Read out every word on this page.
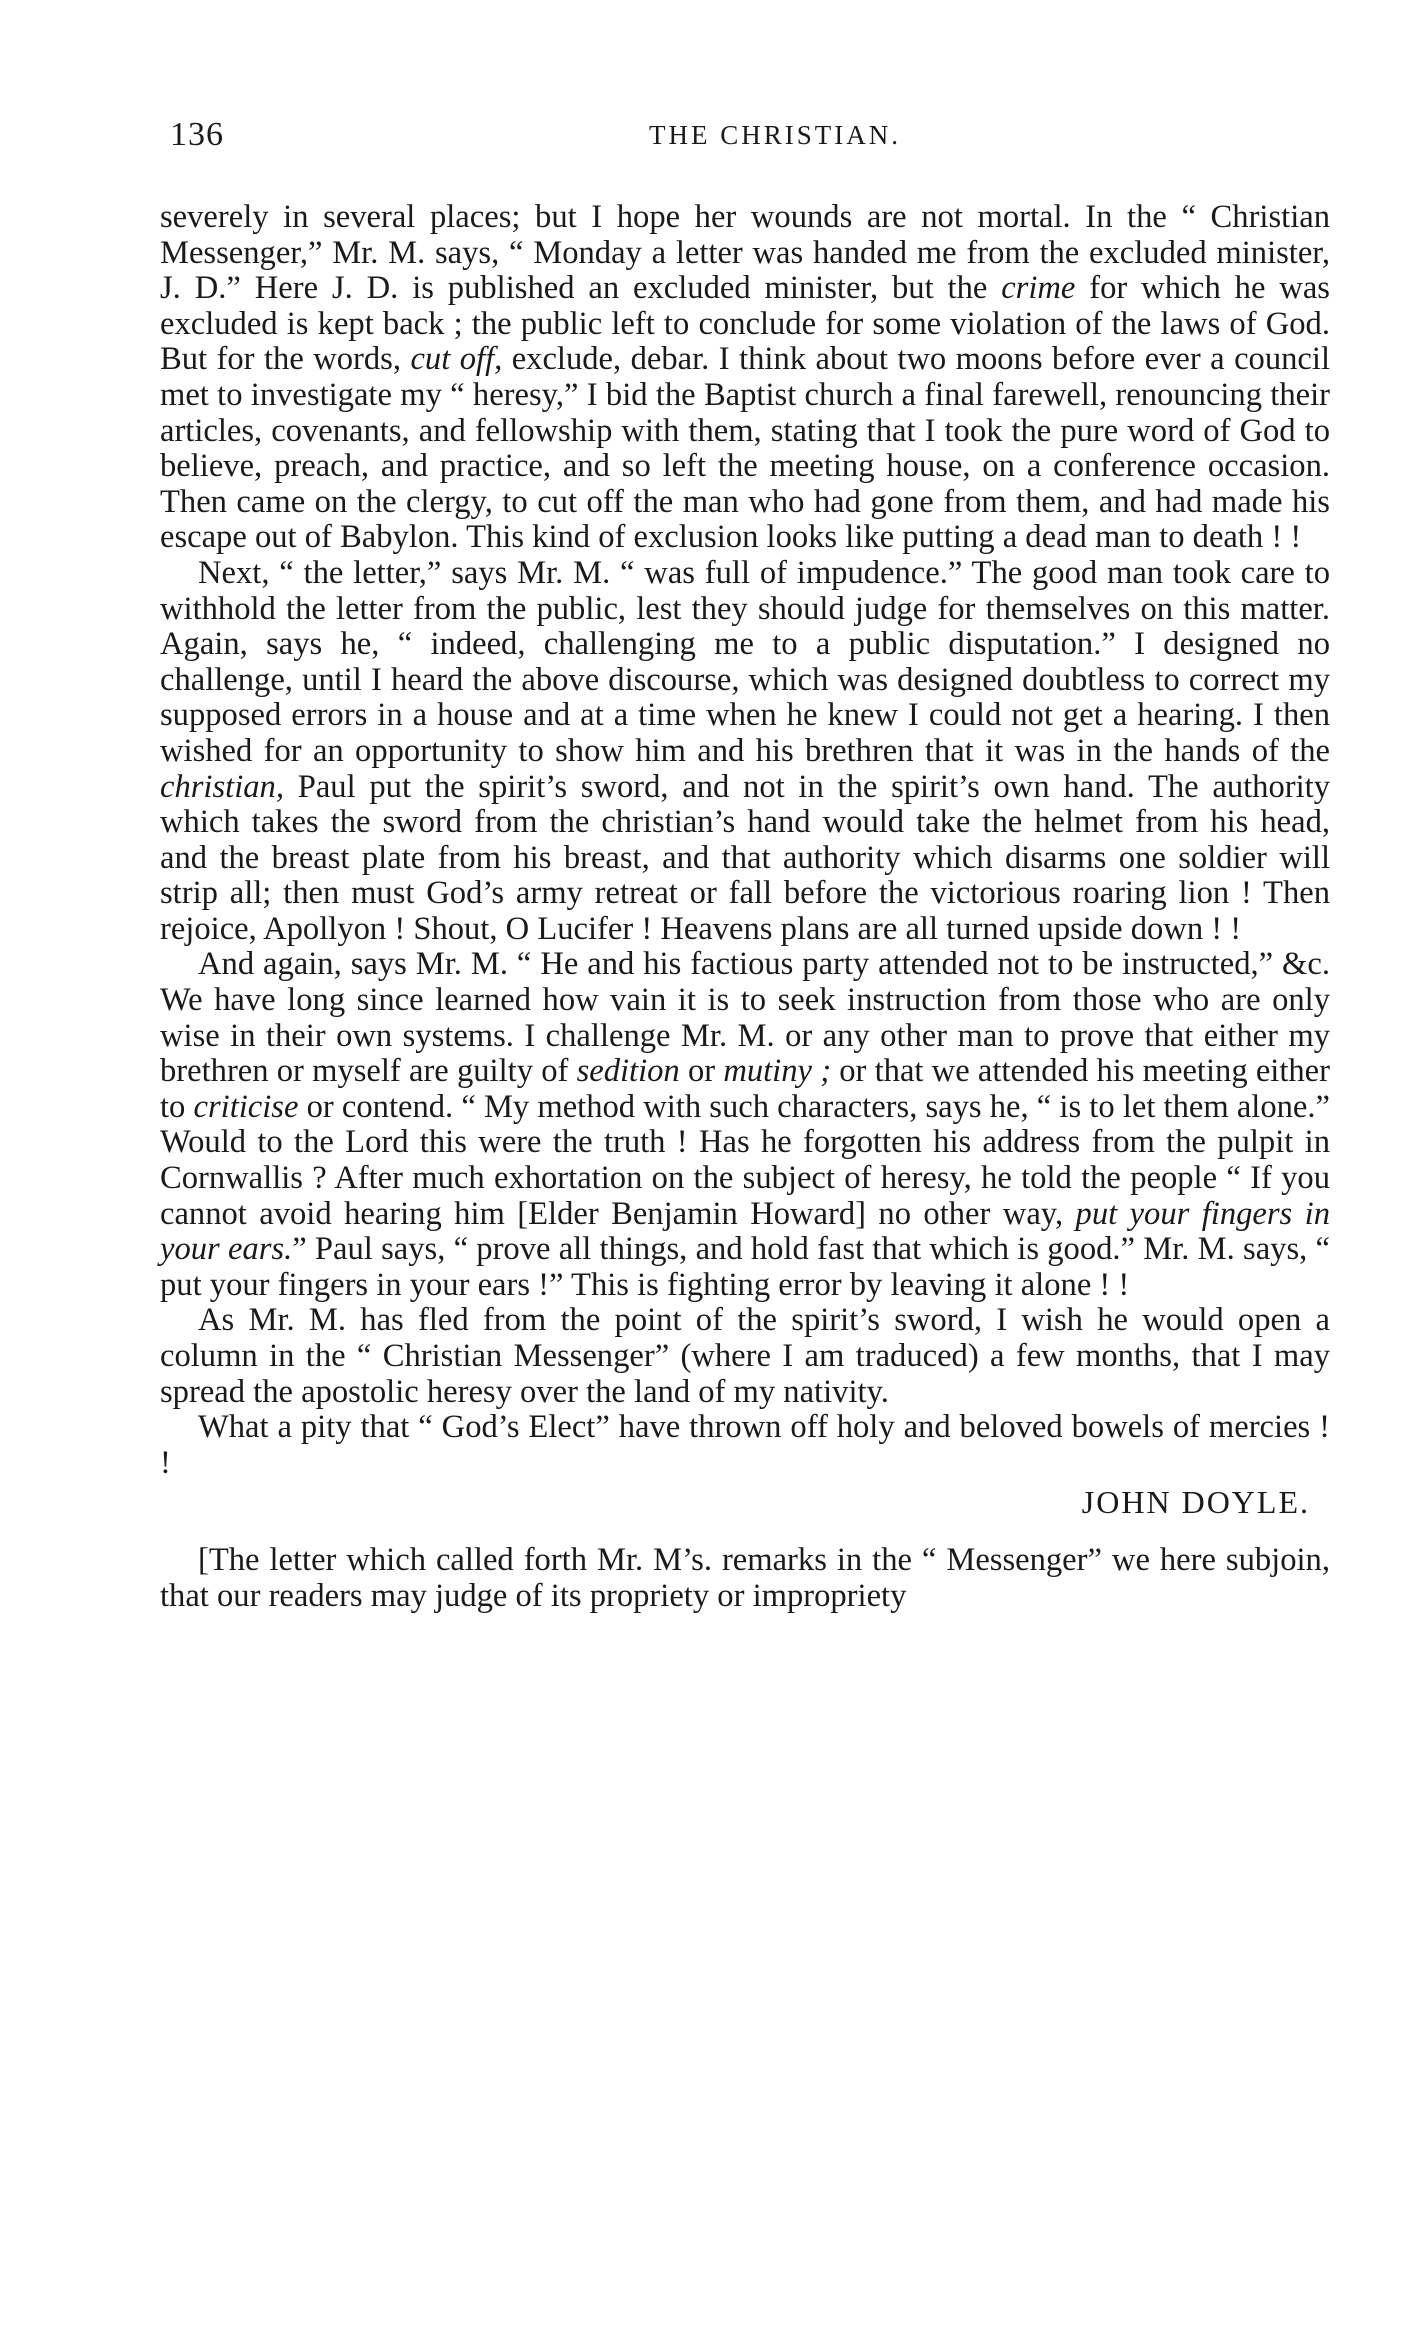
136	THE CHRISTIAN.

severely in several places; but I hope her wounds are not mortal. In the “ Christian Messenger,” Mr. M. says, “ Monday a letter was handed me from the excluded minister, J. D.” Here J. D. is published an excluded minister, but the crime for which he was excluded is kept back ; the public left to conclude for some violation of the laws of God. But for the words, cut off, exclude, debar. I think about two moons before ever a council met to investigate my “ heresy,” I bid the Baptist church a final farewell, renouncing their articles, covenants, and fellowship with them, stating that I took the pure word of God to believe, preach, and practice, and so left the meeting house, on a conference occasion. Then came on the clergy, to cut off the man who had gone from them, and had made his escape out of Babylon. This kind of exclusion looks like putting a dead man to death ! !

Next, “ the letter,” says Mr. M. “ was full of impudence.” The good man took care to withhold the letter from the public, lest they should judge for themselves on this matter. Again, says he, “ indeed, challenging me to a public disputation.” I designed no challenge, until I heard the above discourse, which was designed doubtless to correct my supposed errors in a house and at a time when he knew I could not get a hearing. I then wished for an opportunity to show him and his brethren that it was in the hands of the christian, Paul put the spirit’s sword, and not in the spirit’s own hand. The authority which takes the sword from the christian’s hand would take the helmet from his head, and the breast plate from his breast, and that authority which disarms one soldier will strip all; then must God’s army retreat or fall before the victorious roaring lion ! Then rejoice, Apollyon ! Shout, O Lucifer ! Heavens plans are all turned upside down ! !

And again, says Mr. M. “ He and his factious party attended not to be instructed,” &c. We have long since learned how vain it is to seek instruction from those who are only wise in their own systems. I challenge Mr. M. or any other man to prove that either my brethren or myself are guilty of sedition or mutiny ; or that we attended his meeting either to criticise or contend. “ My method with such characters, says he, “ is to let them alone.” Would to the Lord this were the truth ! Has he forgotten his address from the pulpit in Cornwallis ? After much exhortation on the subject of heresy, he told the people “ If you cannot avoid hearing him [Elder Benjamin Howard] no other way, put your fingers in your ears.” Paul says, “ prove all things, and hold fast that which is good.” Mr. M. says, “ put your fingers in your ears !” This is fighting error by leaving it alone ! !

As Mr. M. has fled from the point of the spirit’s sword, I wish he would open a column in the “ Christian Messenger” (where I am traduced) a few months, that I may spread the apostolic heresy over the land of my nativity.

What a pity that “ God’s Elect” have thrown off holy and beloved bowels of mercies ! !

JOHN DOYLE.

[The letter which called forth Mr. M’s. remarks in the “ Messenger” we here subjoin, that our readers may judge of its propriety or impropriety
